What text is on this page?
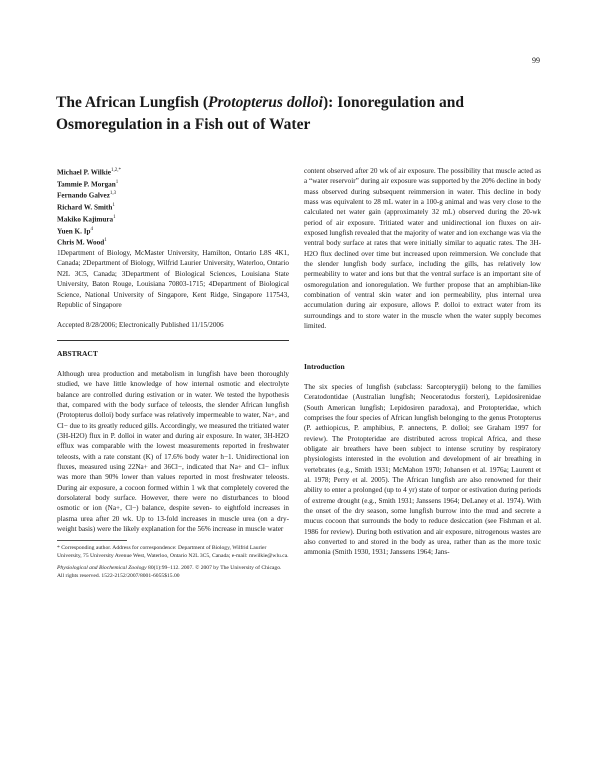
99
The African Lungfish (Protopterus dolloi): Ionoregulation and Osmoregulation in a Fish out of Water
Michael P. Wilkie$^{1,2,*}$
Tammie P. Morgan$^1$
Fernando Galvez$^{1,3}$
Richard W. Smith$^1$
Makiko Kajimura$^1$
Yuen K. Ip$^4$
Chris M. Wood$^1$
1Department of Biology, McMaster University, Hamilton, Ontario L8S 4K1, Canada; 2Department of Biology, Wilfrid Laurier University, Waterloo, Ontario N2L 3C5, Canada; 3Department of Biological Sciences, Louisiana State University, Baton Rouge, Louisiana 70803-1715; 4Department of Biological Science, National University of Singapore, Kent Ridge, Singapore 117543, Republic of Singapore
Accepted 8/28/2006; Electronically Published 11/15/2006
ABSTRACT
Although urea production and metabolism in lungfish have been thoroughly studied, we have little knowledge of how internal osmotic and electrolyte balance are controlled during estivation or in water. We tested the hypothesis that, compared with the body surface of teleosts, the slender African lungfish (Protopterus dolloi) body surface was relatively impermeable to water, Na+, and Cl− due to its greatly reduced gills. Accordingly, we measured the tritiated water (3H-H2O) flux in P. dolloi in water and during air exposure. In water, 3H-H2O efflux was comparable with the lowest measurements reported in freshwater teleosts, with a rate constant (K) of 17.6% body water h−1. Unidirectional ion fluxes, measured using 22Na+ and 36Cl−, indicated that Na+ and Cl− influx was more than 90% lower than values reported in most freshwater teleosts. During air exposure, a cocoon formed within 1 wk that completely covered the dorsolateral body surface. However, there were no disturbances to blood osmotic or ion (Na+, Cl−) balance, despite seven- to eightfold increases in plasma urea after 20 wk. Up to 13-fold increases in muscle urea (on a dry-weight basis) were the likely explanation for the 56% increase in muscle water
* Corresponding author. Address for correspondence: Department of Biology, Wilfrid Laurier University, 75 University Avenue West, Waterloo, Ontario N2L 3C5, Canada; e-mail: mwilkie@wlu.ca.
Physiological and Biochemical Zoology 80(1):99–112. 2007. © 2007 by The University of Chicago. All rights reserved. 1522-2152/2007/8001-6055$15.00
content observed after 20 wk of air exposure. The possibility that muscle acted as a “water reservoir” during air exposure was supported by the 20% decline in body mass observed during subsequent reimmersion in water. This decline in body mass was equivalent to 28 mL water in a 100-g animal and was very close to the calculated net water gain (approximately 32 mL) observed during the 20-wk period of air exposure. Tritiated water and unidirectional ion fluxes on air-exposed lungfish revealed that the majority of water and ion exchange was via the ventral body surface at rates that were initially similar to aquatic rates. The 3H-H2O flux declined over time but increased upon reimmersion. We conclude that the slender lungfish body surface, including the gills, has relatively low permeability to water and ions but that the ventral surface is an important site of osmoregulation and ionoregulation. We further propose that an amphibian-like combination of ventral skin water and ion permeability, plus internal urea accumulation during air exposure, allows P. dolloi to extract water from its surroundings and to store water in the muscle when the water supply becomes limited.
Introduction
The six species of lungfish (subclass: Sarcopterygii) belong to the families Ceratodontidae (Australian lungfish; Neoceratodus forsteri), Lepidosirenidae (South American lungfish; Lepidosiren paradoxa), and Protopteridae, which comprises the four species of African lungfish belonging to the genus Protopterus (P. aethiopicus, P. amphibius, P. annectens, P. dolloi; see Graham 1997 for review). The Protopteridae are distributed across tropical Africa, and these obligate air breathers have been subject to intense scrutiny by respiratory physiologists interested in the evolution and development of air breathing in vertebrates (e.g., Smith 1931; McMahon 1970; Johansen et al. 1976a; Laurent et al. 1978; Perry et al. 2005). The African lungfish are also renowned for their ability to enter a prolonged (up to 4 yr) state of torpor or estivation during periods of extreme drought (e.g., Smith 1931; Janssens 1964; DeLaney et al. 1974). With the onset of the dry season, some lungfish burrow into the mud and secrete a mucus cocoon that surrounds the body to reduce desiccation (see Fishman et al. 1986 for review). During both estivation and air exposure, nitrogenous wastes are also converted to and stored in the body as urea, rather than as the more toxic ammonia (Smith 1930, 1931; Janssens 1964; Jans-
